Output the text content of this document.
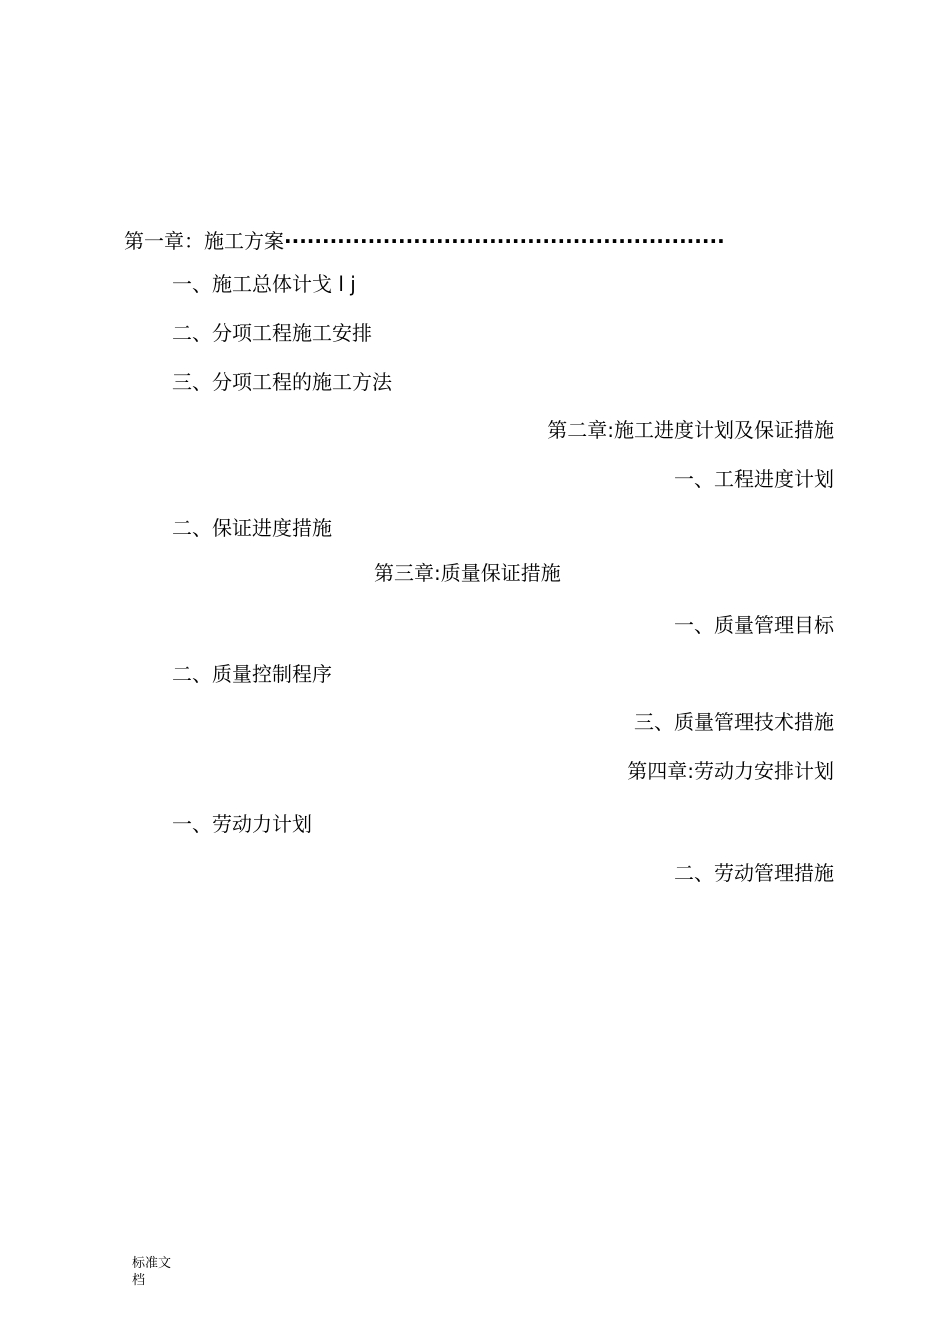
第一章：施工方案··························································

一、施工总体计戈 l j

二、分项工程施工安排

三、分项工程的施工方法

第二章:施工进度计划及保证措施

一、工程进度计划

二、保证进度措施

第三章:质量保证措施

一、质量管理目标

二、质量控制程序

三、质量管理技术措施

第四章:劳动力安排计划

一、劳动力计划

二、劳动管理措施

标准文档
